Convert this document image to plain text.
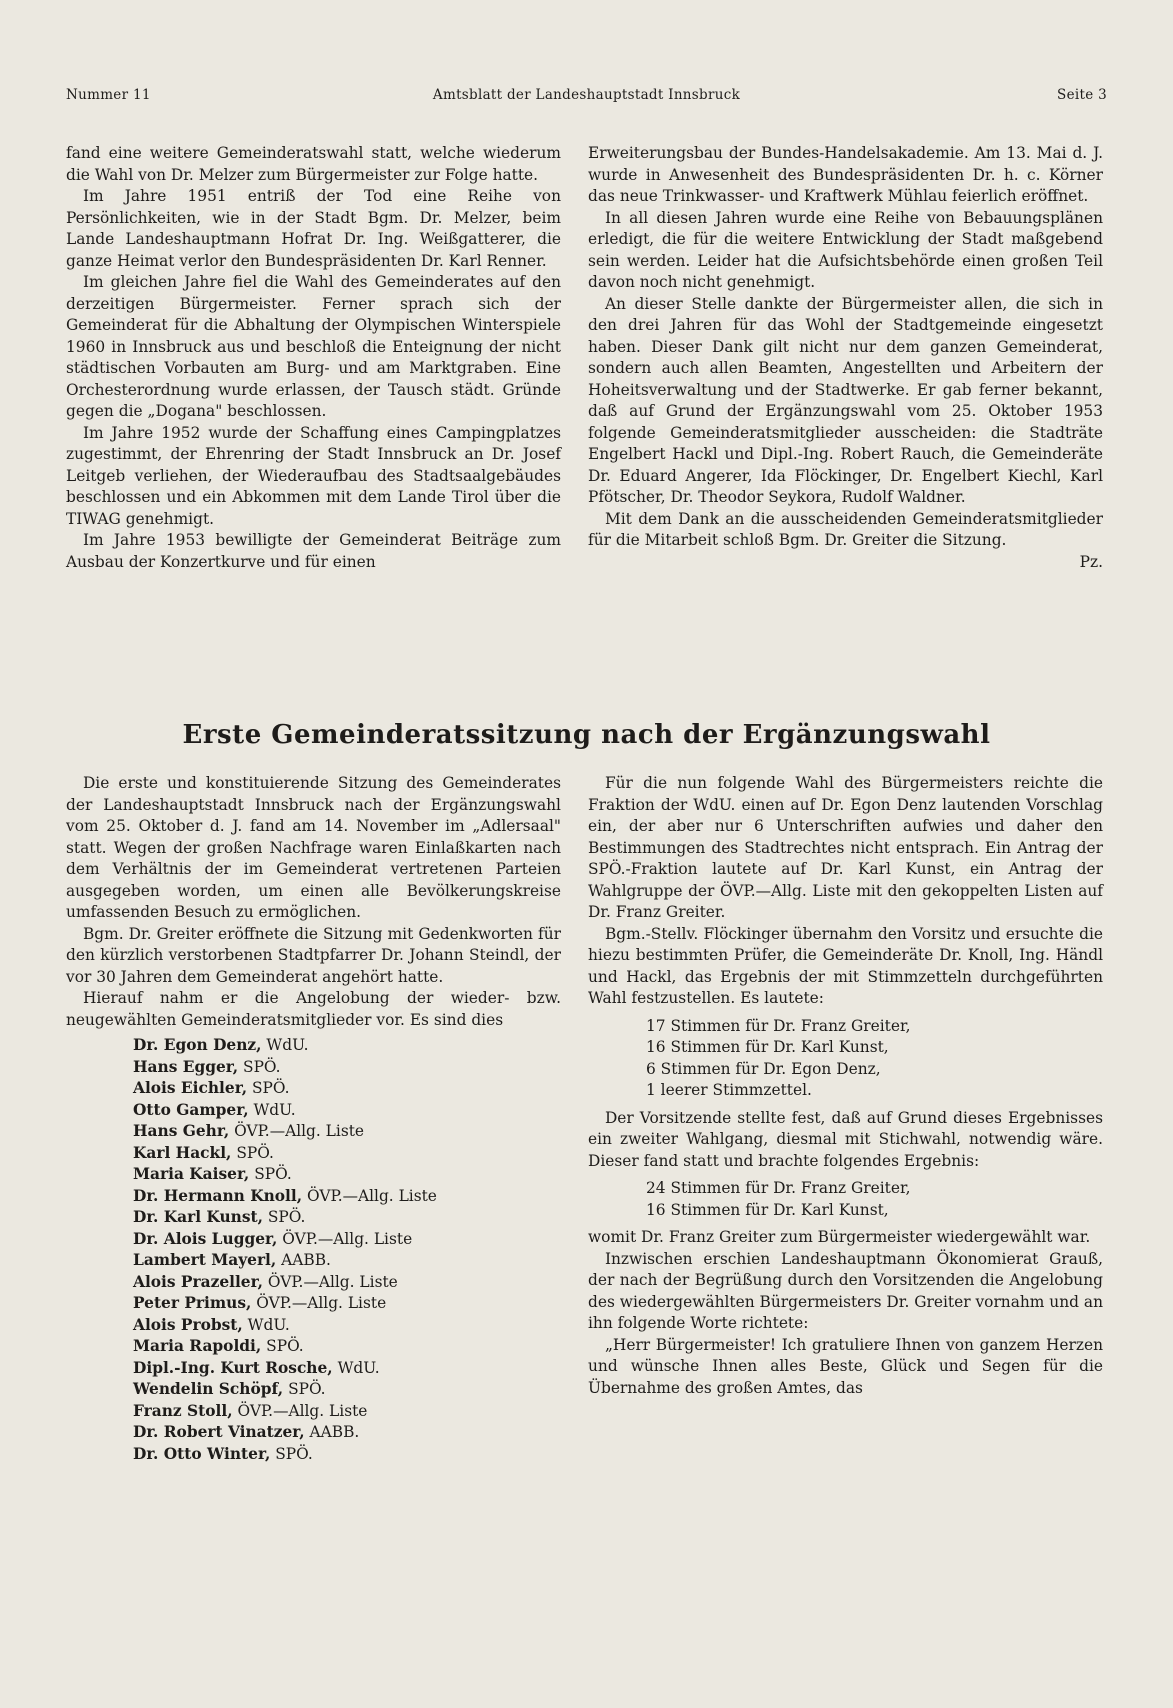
Nummer 11	Amtsblatt der Landeshauptstadt Innsbruck	Seite 3

fand eine weitere Gemeinderatswahl statt, welche wiederum die Wahl von Dr. Melzer zum Bürgermeister zur Folge hatte.

Im Jahre 1951 entriß der Tod eine Reihe von Persönlichkeiten, wie in der Stadt Bgm. Dr. Melzer, beim Lande Landeshauptmann Hofrat Dr. Ing. Weißgatterer, die ganze Heimat verlor den Bundespräsidenten Dr. Karl Renner.

Im gleichen Jahre fiel die Wahl des Gemeinderates auf den derzeitigen Bürgermeister. Ferner sprach sich der Gemeinderat für die Abhaltung der Olympischen Winterspiele 1960 in Innsbruck aus und beschloß die Enteignung der nicht städtischen Vorbauten am Burg- und am Marktgraben. Eine Orchesterordnung wurde erlassen, der Tausch städt. Gründe gegen die „Dogana" beschlossen.

Im Jahre 1952 wurde der Schaffung eines Campingplatzes zugestimmt, der Ehrenring der Stadt Innsbruck an Dr. Josef Leitgeb verliehen, der Wiederaufbau des Stadtsaalgebäudes beschlossen und ein Abkommen mit dem Lande Tirol über die TIWAG genehmigt.

Im Jahre 1953 bewilligte der Gemeinderat Beiträge zum Ausbau der Konzertkurve und für einen

Erweiterungsbau der Bundes-Handelsakademie. Am 13. Mai d. J. wurde in Anwesenheit des Bundespräsidenten Dr. h. c. Körner das neue Trinkwasser- und Kraftwerk Mühlau feierlich eröffnet.

In all diesen Jahren wurde eine Reihe von Bebauungsplänen erledigt, die für die weitere Entwicklung der Stadt maßgebend sein werden. Leider hat die Aufsichtsbehörde einen großen Teil davon noch nicht genehmigt.

An dieser Stelle dankte der Bürgermeister allen, die sich in den drei Jahren für das Wohl der Stadtgemeinde eingesetzt haben. Dieser Dank gilt nicht nur dem ganzen Gemeinderat, sondern auch allen Beamten, Angestellten und Arbeitern der Hoheitsverwaltung und der Stadtwerke. Er gab ferner bekannt, daß auf Grund der Ergänzungswahl vom 25. Oktober 1953 folgende Gemeinderatsmitglieder ausscheiden: die Stadträte Engelbert Hackl und Dipl.-Ing. Robert Rauch, die Gemeinderäte Dr. Eduard Angerer, Ida Flöckinger, Dr. Engelbert Kiechl, Karl Pfötscher, Dr. Theodor Seykora, Rudolf Waldner.

Mit dem Dank an die ausscheidenden Gemeinderatsmitglieder für die Mitarbeit schloß Bgm. Dr. Greiter die Sitzung.

Pz.

Erste Gemeinderatssitzung nach der Ergänzungswahl

Die erste und konstituierende Sitzung des Gemeinderates der Landeshauptstadt Innsbruck nach der Ergänzungswahl vom 25. Oktober d. J. fand am 14. November im „Adlersaal" statt. Wegen der großen Nachfrage waren Einlaßkarten nach dem Verhältnis der im Gemeinderat vertretenen Parteien ausgegeben worden, um einen alle Bevölkerungskreise umfassenden Besuch zu ermöglichen.

Bgm. Dr. Greiter eröffnete die Sitzung mit Gedenkworten für den kürzlich verstorbenen Stadtpfarrer Dr. Johann Steindl, der vor 30 Jahren dem Gemeinderat angehört hatte.

Hierauf nahm er die Angelobung der wieder- bzw. neugewählten Gemeinderatsmitglieder vor. Es sind dies

Dr. Egon Denz, WdU.
Hans Egger, SPÖ.
Alois Eichler, SPÖ.
Otto Gamper, WdU.
Hans Gehr, ÖVP.—Allg. Liste
Karl Hackl, SPÖ.
Maria Kaiser, SPÖ.
Dr. Hermann Knoll, ÖVP.—Allg. Liste
Dr. Karl Kunst, SPÖ.
Dr. Alois Lugger, ÖVP.—Allg. Liste
Lambert Mayerl, AABB.
Alois Prazeller, ÖVP.—Allg. Liste
Peter Primus, ÖVP.—Allg. Liste
Alois Probst, WdU.
Maria Rapoldi, SPÖ.
Dipl.-Ing. Kurt Rosche, WdU.
Wendelin Schöpf, SPÖ.
Franz Stoll, ÖVP.—Allg. Liste
Dr. Robert Vinatzer, AABB.
Dr. Otto Winter, SPÖ.

Für die nun folgende Wahl des Bürgermeisters reichte die Fraktion der WdU. einen auf Dr. Egon Denz lautenden Vorschlag ein, der aber nur 6 Unterschriften aufwies und daher den Bestimmungen des Stadtrechtes nicht entsprach. Ein Antrag der SPÖ.-Fraktion lautete auf Dr. Karl Kunst, ein Antrag der Wahlgruppe der ÖVP.—Allg. Liste mit den gekoppelten Listen auf Dr. Franz Greiter.

Bgm.-Stellv. Flöckinger übernahm den Vorsitz und ersuchte die hiezu bestimmten Prüfer, die Gemeinderäte Dr. Knoll, Ing. Händl und Hackl, das Ergebnis der mit Stimmzetteln durchgeführten Wahl festzustellen. Es lautete:

17 Stimmen für Dr. Franz Greiter,
16 Stimmen für Dr. Karl Kunst,
6 Stimmen für Dr. Egon Denz,
1 leerer Stimmzettel.

Der Vorsitzende stellte fest, daß auf Grund dieses Ergebnisses ein zweiter Wahlgang, diesmal mit Stichwahl, notwendig wäre. Dieser fand statt und brachte folgendes Ergebnis:

24 Stimmen für Dr. Franz Greiter,
16 Stimmen für Dr. Karl Kunst,

womit Dr. Franz Greiter zum Bürgermeister wiedergewählt war.

Inzwischen erschien Landeshauptmann Ökonomierat Grauß, der nach der Begrüßung durch den Vorsitzenden die Angelobung des wiedergewählten Bürgermeisters Dr. Greiter vornahm und an ihn folgende Worte richtete:

„Herr Bürgermeister! Ich gratuliere Ihnen von ganzem Herzen und wünsche Ihnen alles Beste, Glück und Segen für die Übernahme des großen Amtes, das
